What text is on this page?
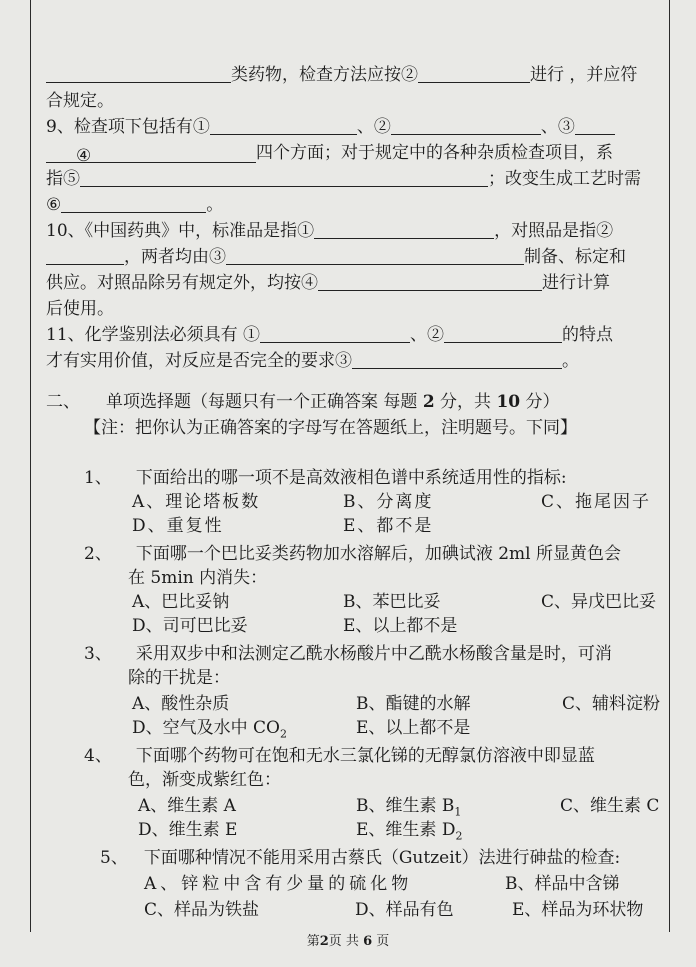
类药物，检查方法应按②	进行 ，并应符
合规定。
9、检查项下包括有①	、②	、③
④	四个方面；对于规定中的各种杂质检查项目，系
指⑤	；改变生成工艺时需
⑥	。
10、《中国药典》中，标准品是指①	，对照品是指②
，两者均由③	制备、标定和
供应。对照品除另有规定外，均按④	进行计算
后使用。
11、化学鉴别法必须具有 ①	、②	的特点
才有实用价值，对反应是否完全的要求③	。
二、 单项选择题（每题只有一个正确答案 每题 2 分，共 10 分）
【注：把你认为正确答案的字母写在答题纸上，注明题号。下同】
1、 下面给出的哪一项不是高效液相色谱中系统适用性的指标:
A、理论塔板数	B、分离度	C、拖尾因子
D、重复性	E、都不是
2、 下面哪一个巴比妥类药物加水溶解后，加碘试液 2ml 所显黄色会
在 5min 内消失：
A、巴比妥钠	B、苯巴比妥	C、异戊巴比妥
D、司可巴比妥	E、以上都不是
3、 采用双步中和法测定乙酰水杨酸片中乙酰水杨酸含量是时，可消
除的干扰是：
A、酸性杂质	B、酯键的水解	C、辅料淀粉
D、空气及水中 $CO_2$	E、以上都不是
4、 下面哪个药物可在饱和无水三氯化锑的无醇氯仿溶液中即显蓝
色，渐变成紫红色：
A、维生素 A	B、维生素 $B_1$	C、维生素 C
D、维生素 E	E、维生素 $D_2$
5、 下面哪种情况不能用采用古蔡氏（Gutzeit）法进行砷盐的检查:
A、锌粒中含有少量的硫化物	B、样品中含锑
C、样品为铁盐	D、样品有色	E、样品为环状物
第2页 共 6 页
